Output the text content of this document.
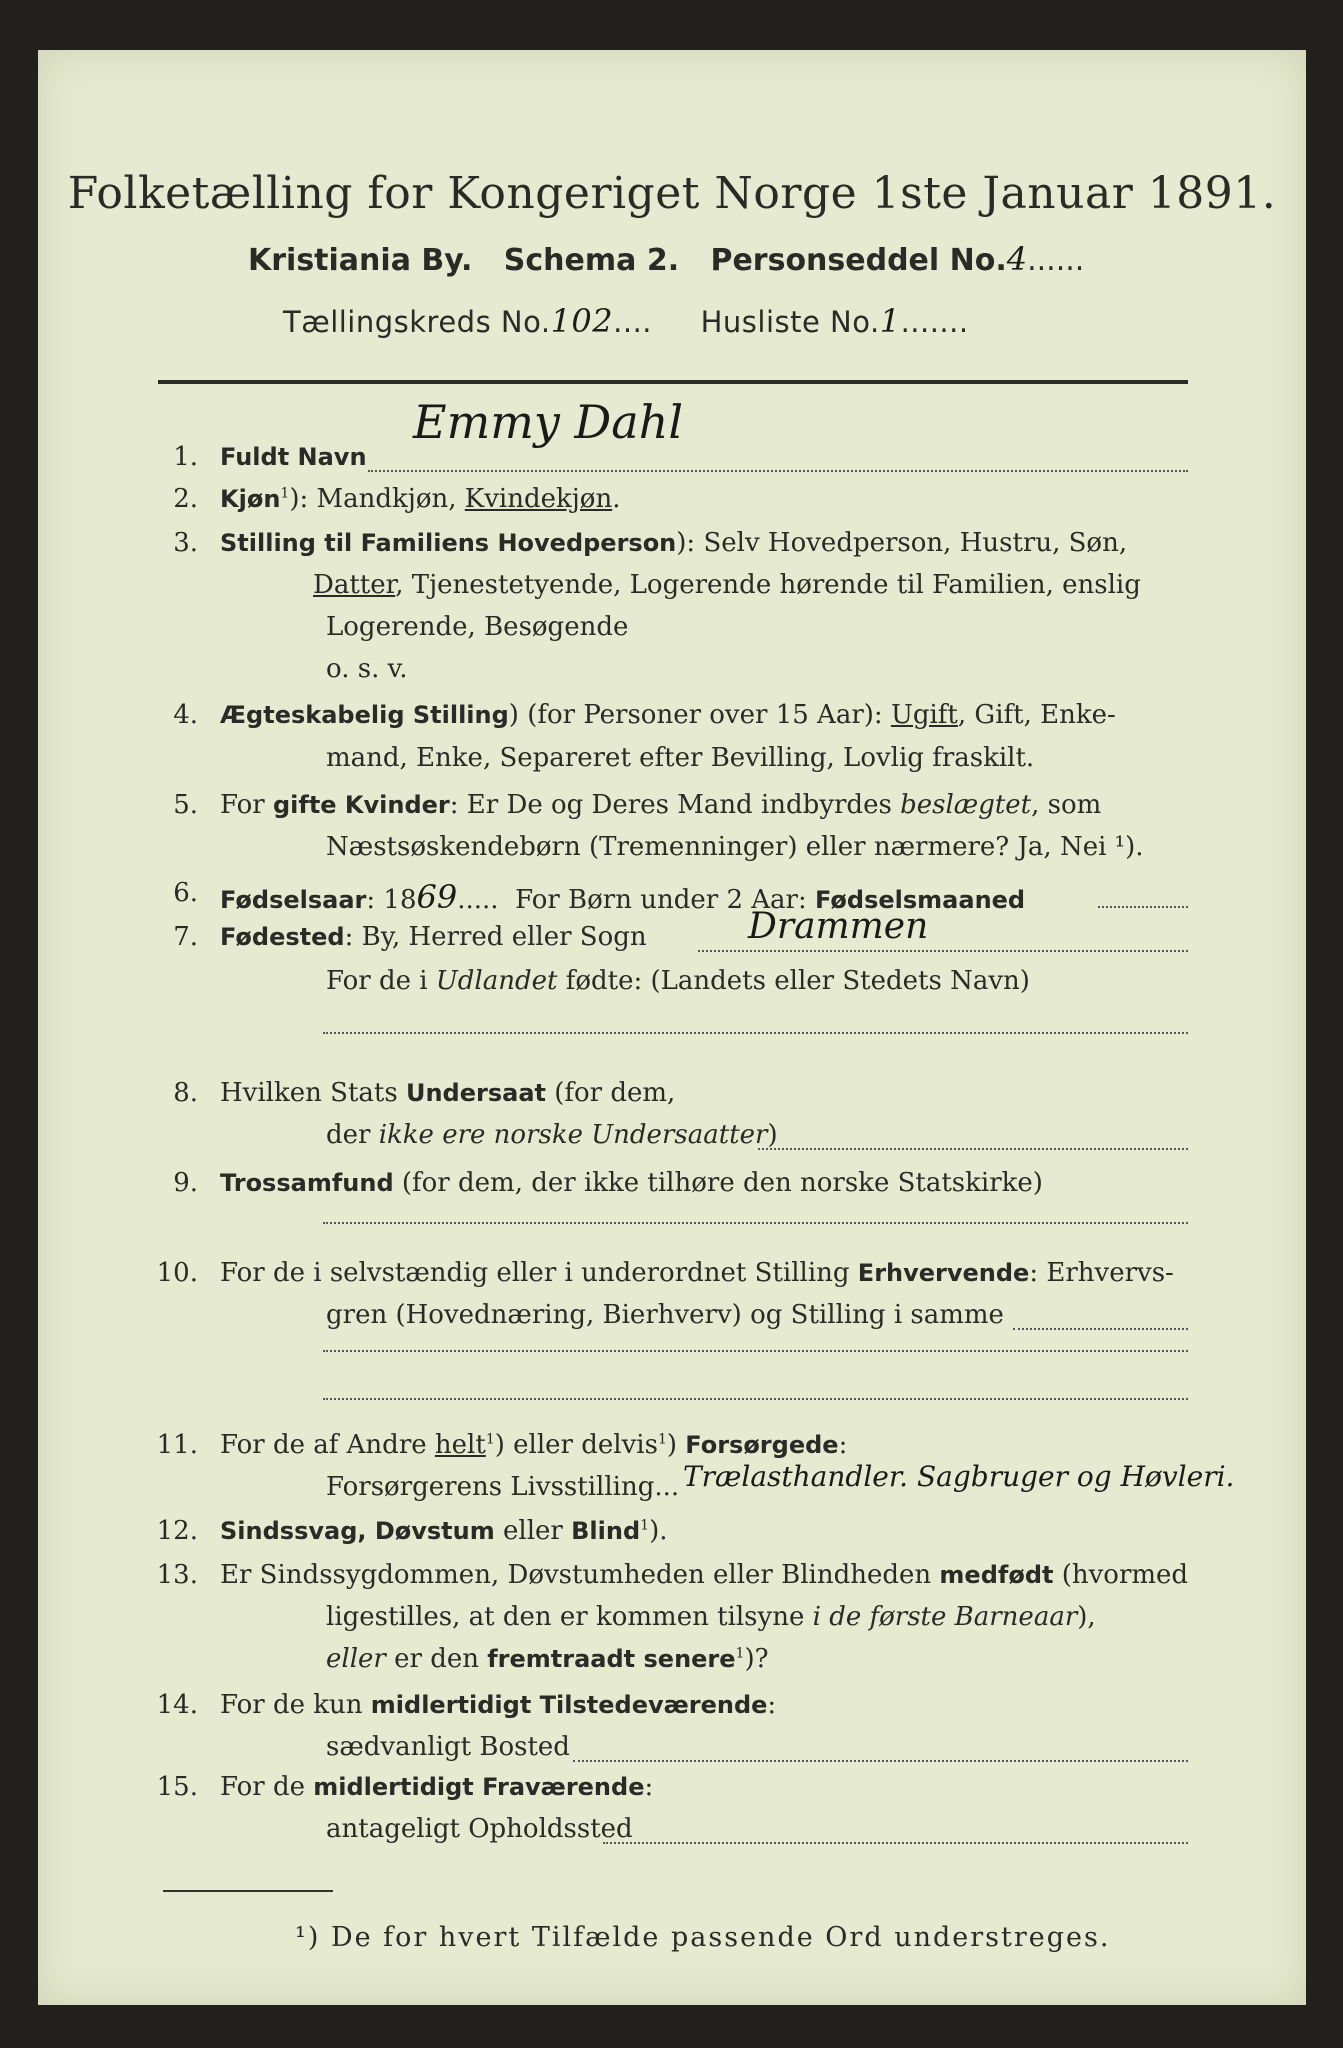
Folketælling for Kongeriget Norge 1ste Januar 1891.
Kristiania By. Schema 2. Personseddel No.4......
Tællingskreds No.102....     Husliste No.1.......
1. Fuldt Navn
Emmy Dahl
2. Kjøn$^1$): Mandkjøn, Kvindekjøn.
3. Stilling til Familiens Hovedperson): Selv Hovedperson, Hustru, Søn,
Datter, Tjenestetyende, Logerende hørende til Familien, enslig
Logerende, Besøgende
o. s. v.
4. Ægteskabelig Stilling) (for Personer over 15 Aar): Ugift, Gift, Enke-
mand, Enke, Separeret efter Bevilling, Lovlig fraskilt.
5. For gifte Kvinder: Er De og Deres Mand indbyrdes beslægtet, som
Næstsøskendebørn (Tremenninger) eller nærmere? Ja, Nei ¹).
6. Fødselsaar: 1869.....  For Børn under 2 Aar: Fødselsmaaned
7. Fødested: By, Herred eller Sogn	Drammen
For de i Udlandet fødte: (Landets eller Stedets Navn)
8. Hvilken Stats Undersaat (for dem,
der ikke ere norske Undersaatter)
9. Trossamfund (for dem, der ikke tilhøre den norske Statskirke)
10. For de i selvstændig eller i underordnet Stilling Erhvervende: Erhvervs-
gren (Hovednæring, Bierhverv) og Stilling i samme
11. For de af Andre helt$^1$) eller delvis$^1$) Forsørgede:
Forsørgerens Livsstilling... Trælasthandler. Sagbruger og Høvleri.
12. Sindssvag, Døvstum eller Blind$^1$).
13. Er Sindssygdommen, Døvstumheden eller Blindheden medfødt (hvormed
ligestilles, at den er kommen tilsyne i de første Barneaar),
eller er den fremtraadt senere$^1$)?
14. For de kun midlertidigt Tilstedeværende:
sædvanligt Bosted
15. For de midlertidigt Fraværende:
antageligt Opholdssted
¹) De for hvert Tilfælde passende Ord understreges.
